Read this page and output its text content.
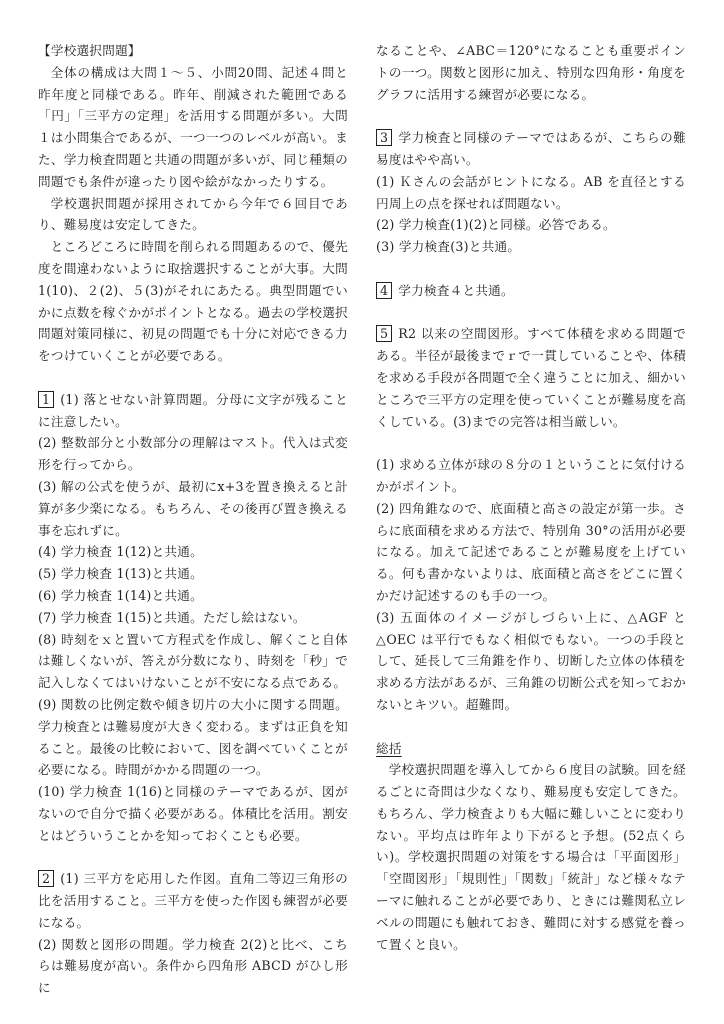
【学校選択問題】

全体の構成は大問１～５、小問20問、記述４問と昨年度と同様である。昨年、削減された範囲である「円」「三平方の定理」を活用する問題が多い。大問１は小問集合であるが、一つ一つのレベルが高い。また、学力検査問題と共通の問題が多いが、同じ種類の問題でも条件が違ったり図や絵がなかったりする。

学校選択問題が採用されてから今年で６回目であり、難易度は安定してきた。

ところどころに時間を削られる問題あるので、優先度を間違わないように取捨選択することが大事。大問1(10)、２(2)、５(3)がそれにあたる。典型問題でいかに点数を稼ぐかがポイントとなる。過去の学校選択問題対策同様に、初見の問題でも十分に対応できる力をつけていくことが必要である。

1 (1) 落とせない計算問題。分母に文字が残ることに注意したい。

(2) 整数部分と小数部分の理解はマスト。代入は式変形を行ってから。

(3) 解の公式を使うが、最初にx+3を置き換えると計算が多少楽になる。もちろん、その後再び置き換える事を忘れずに。

(4) 学力検査 1(12)と共通。

(5) 学力検査 1(13)と共通。

(6) 学力検査 1(14)と共通。

(7) 学力検査 1(15)と共通。ただし絵はない。

(8) 時刻をｘと置いて方程式を作成し、解くこと自体は難しくないが、答えが分数になり、時刻を「秒」で記入しなくてはいけないことが不安になる点である。

(9) 関数の比例定数や傾き切片の大小に関する問題。学力検査とは難易度が大きく変わる。まずは正負を知ること。最後の比較において、図を調べていくことが必要になる。時間がかかる問題の一つ。

(10) 学力検査 1(16)と同様のテーマであるが、図がないので自分で描く必要がある。体積比を活用。割安とはどういうことかを知っておくことも必要。

2 (1) 三平方を応用した作図。直角二等辺三角形の比を活用すること。三平方を使った作図も練習が必要になる。

(2) 関数と図形の問題。学力検査 2(2)と比べ、こちらは難易度が高い。条件から四角形 ABCD がひし形に

なることや、∠ABC＝120°になることも重要ポイントの一つ。関数と図形に加え、特別な四角形・角度をグラフに活用する練習が必要になる。

3 学力検査と同様のテーマではあるが、こちらの難易度はやや高い。

(1) Ｋさんの会話がヒントになる。AB を直径とする円周上の点を探せれば問題ない。

(2) 学力検査(1)(2)と同様。必答である。

(3) 学力検査(3)と共通。

4 学力検査４と共通。

5 R2 以来の空間図形。すべて体積を求める問題である。半径が最後までｒで一貫していることや、体積を求める手段が各問題で全く違うことに加え、細かいところで三平方の定理を使っていくことが難易度を高くしている。(3)までの完答は相当厳しい。

(1) 求める立体が球の８分の１ということに気付けるかがポイント。

(2) 四角錐なので、底面積と高さの設定が第一歩。さらに底面積を求める方法で、特別角 30°の活用が必要になる。加えて記述であることが難易度を上げている。何も書かないよりは、底面積と高さをどこに置くかだけ記述するのも手の一つ。

(3) 五面体のイメージがしづらい上に、△AGF と△OEC は平行でもなく相似でもない。一つの手段として、延長して三角錐を作り、切断した立体の体積を求める方法があるが、三角錐の切断公式を知っておかないとキツい。超難問。

総括

学校選択問題を導入してから６度目の試験。回を経るごとに奇問は少なくなり、難易度も安定してきた。もちろん、学力検査よりも大幅に難しいことに変わりない。平均点は昨年より下がると予想。(52点くらい)。学校選択問題の対策をする場合は「平面図形」「空間図形」「規則性」「関数」「統計」など様々なテーマに触れることが必要であり、ときには難関私立レベルの問題にも触れておき、難問に対する感覚を養って置くと良い。
